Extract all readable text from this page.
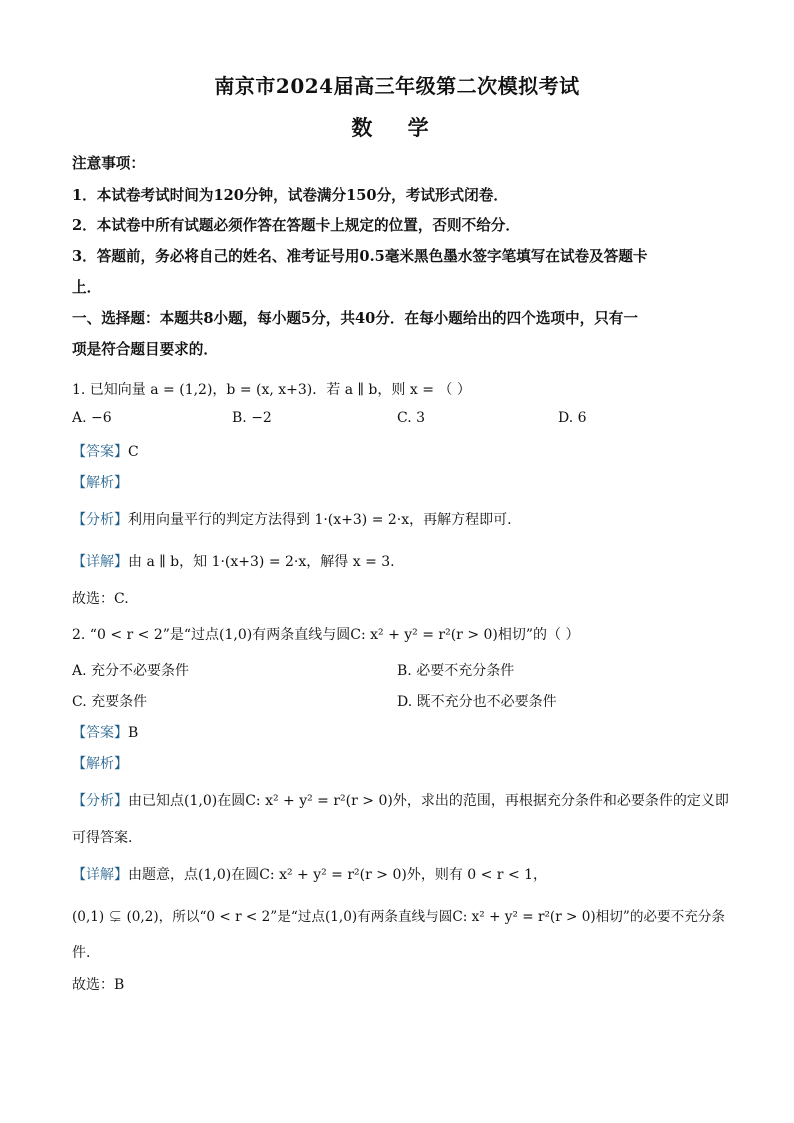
南京市2024届高三年级第二次模拟考试
数 学
注意事项：
1．本试卷考试时间为120分钟，试卷满分150分，考试形式闭卷．
2．本试卷中所有试题必须作答在答题卡上规定的位置，否则不给分．
3．答题前，务必将自己的姓名、准考证号用0.5毫米黑色墨水签字笔填写在试卷及答题卡
上．
一、选择题：本题共8小题，每小题5分，共40分．在每小题给出的四个选项中，只有一
项是符合题目要求的．
1. 已知向量 a = (1,2)，b = (x, x+3)．若 a ∥ b，则 x = （ ）
A. −6	B. −2	C. 3	D. 6
【答案】C
【解析】
【分析】利用向量平行的判定方法得到 1·(x+3) = 2·x，再解方程即可.
【详解】由 a ∥ b，知 1·(x+3) = 2·x，解得 x = 3.
故选：C.
2. “0 < r < 2”是“过点(1,0)有两条直线与圆C: x² + y² = r²(r > 0)相切”的（ ）
A. 充分不必要条件	B. 必要不充分条件
C. 充要条件	D. 既不充分也不必要条件
【答案】B
【解析】
【分析】由已知点(1,0)在圆C: x² + y² = r²(r > 0)外，求出的范围，再根据充分条件和必要条件的定义即
可得答案.
【详解】由题意，点(1,0)在圆C: x² + y² = r²(r > 0)外，则有 0 < r < 1，
(0,1) ⊊ (0,2)，所以“0 < r < 2”是“过点(1,0)有两条直线与圆C: x² + y² = r²(r > 0)相切”的必要不充分条
件.
故选：B
